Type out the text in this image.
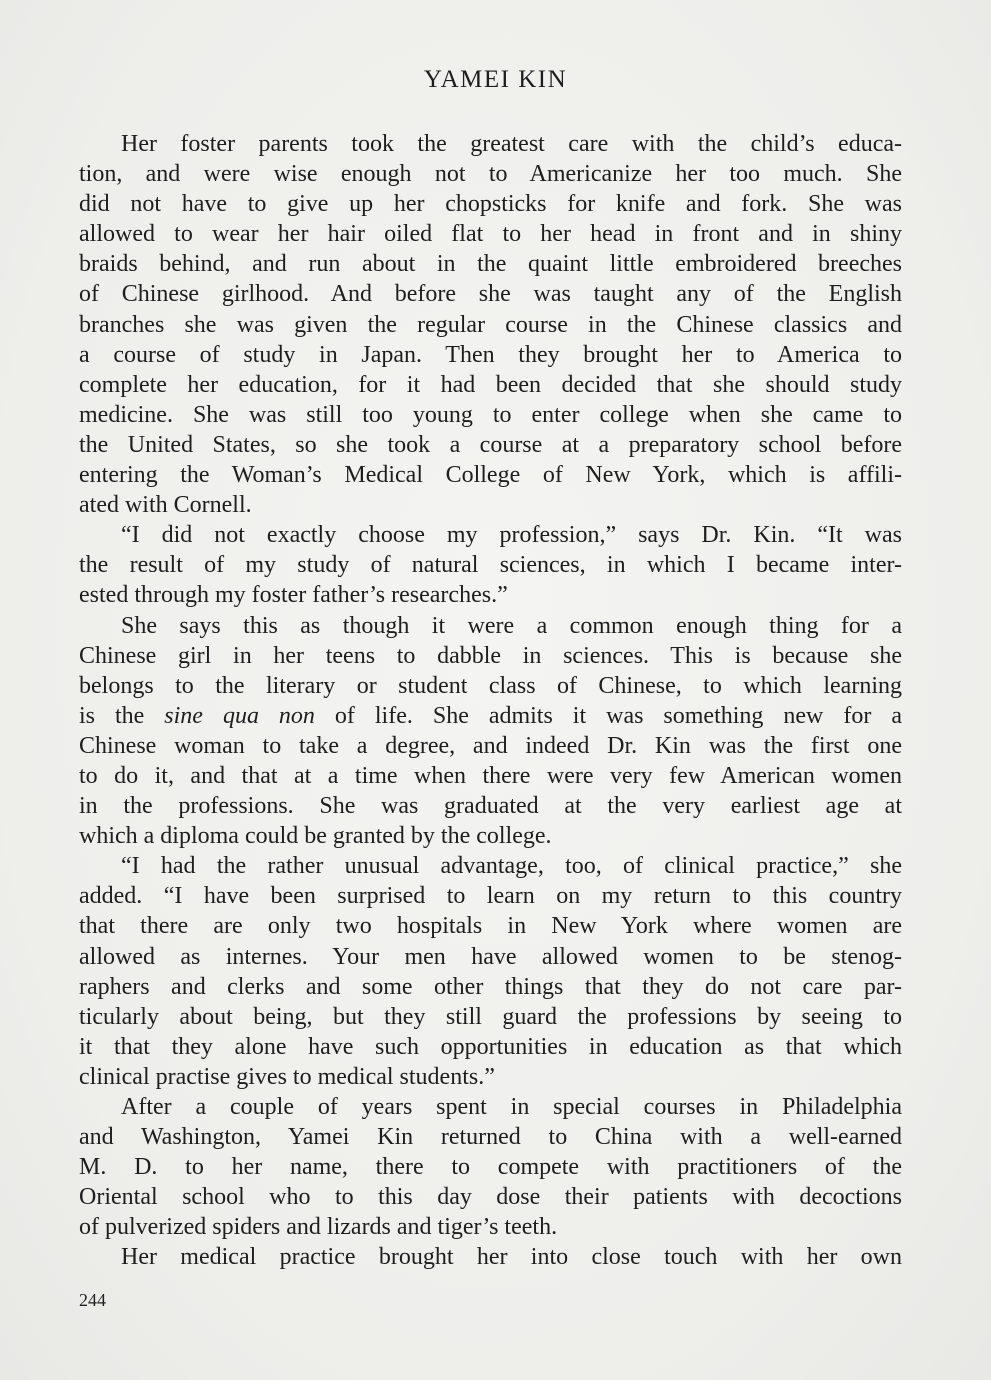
YAMEI KIN
Her foster parents took the greatest care with the child’s educa-
tion, and were wise enough not to Americanize her too much. She
did not have to give up her chopsticks for knife and fork. She was
allowed to wear her hair oiled flat to her head in front and in shiny
braids behind, and run about in the quaint little embroidered breeches
of Chinese girlhood. And before she was taught any of the English
branches she was given the regular course in the Chinese classics and
a course of study in Japan. Then they brought her to America to
complete her education, for it had been decided that she should study
medicine. She was still too young to enter college when she came to
the United States, so she took a course at a preparatory school before
entering the Woman’s Medical College of New York, which is affili-
ated with Cornell.
“I did not exactly choose my profession,” says Dr. Kin. “It was
the result of my study of natural sciences, in which I became inter-
ested through my foster father’s researches.”
She says this as though it were a common enough thing for a
Chinese girl in her teens to dabble in sciences. This is because she
belongs to the literary or student class of Chinese, to which learning
is the sine qua non of life. She admits it was something new for a
Chinese woman to take a degree, and indeed Dr. Kin was the first one
to do it, and that at a time when there were very few American women
in the professions. She was graduated at the very earliest age at
which a diploma could be granted by the college.
“I had the rather unusual advantage, too, of clinical practice,” she
added. “I have been surprised to learn on my return to this country
that there are only two hospitals in New York where women are
allowed as internes. Your men have allowed women to be stenog-
raphers and clerks and some other things that they do not care par-
ticularly about being, but they still guard the professions by seeing to
it that they alone have such opportunities in education as that which
clinical practise gives to medical students.”
After a couple of years spent in special courses in Philadelphia
and Washington, Yamei Kin returned to China with a well-earned
M. D. to her name, there to compete with practitioners of the
Oriental school who to this day dose their patients with decoctions
of pulverized spiders and lizards and tiger’s teeth.
Her medical practice brought her into close touch with her own
244
